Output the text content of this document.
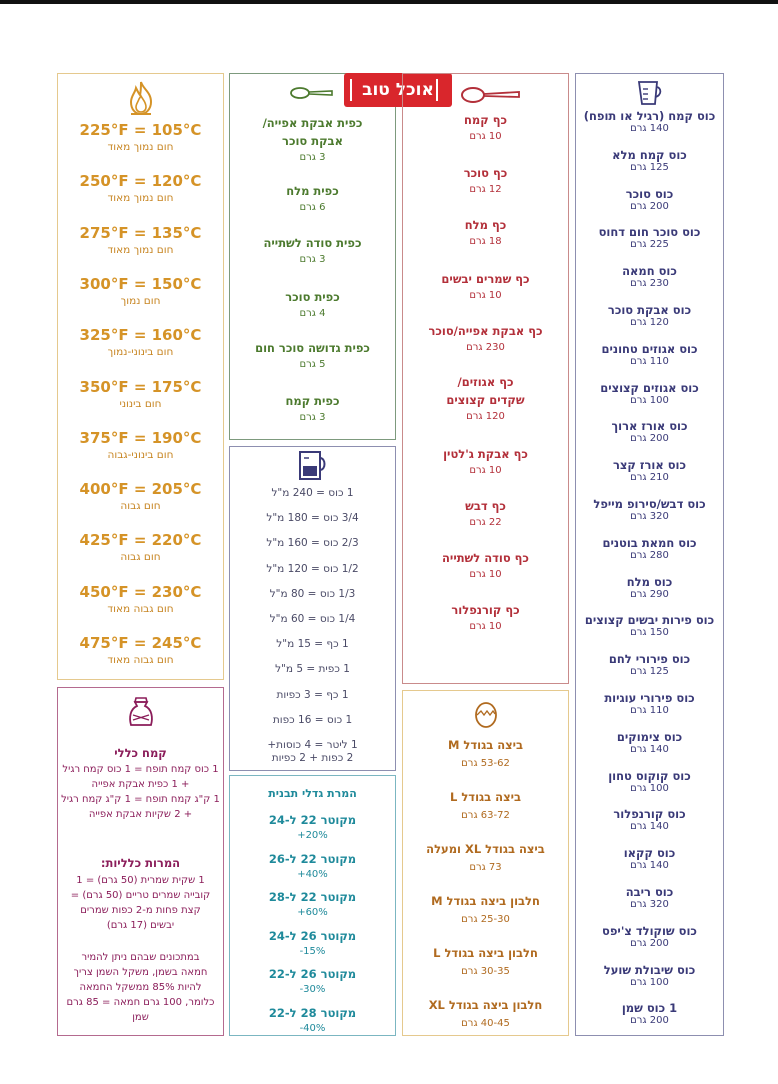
225°F = 105°C
חום נמוך מאוד
250°F = 120°C
חום נמוך מאוד
275°F = 135°C
חום נמוך מאוד
300°F = 150°C
חום נמוך
325°F = 160°C
חום בינוני-נמוך
350°F = 175°C
חום בינוני
375°F = 190°C
חום בינוני-גבוה
400°F = 205°C
חום גבוה
425°F = 220°C
חום גבוה
450°F = 230°C
חום גבוה מאוד
475°F = 245°C
חום גבוה מאוד
קמח כללי
1 כוס קמח תופח = 1 כוס קמח רגיל
+ 1 כפית אבקת אפייה
1 ק"ג קמח תופח = 1 ק"ג קמח רגיל
+ 2 שקיות אבקת אפייה
המרות כלליות:
1 שקית שמרית (50 גרם) = 1
קובייה שמרים טריים (50 גרם) =
קצת פחות מ-2 כפות שמרים
יבשים (17 גרם)
במתכונים שבהם ניתן להמיר
חמאה בשמן, משקל השמן צריך
להיות 85% ממשקל החמאה
כלומר, 100 גרם חמאה = 85 גרם
שמן
כפית אבקת אפייה/
אבקת סוכר
3 גרם
כפית מלח
6 גרם
כפית סודה לשתייה
3 גרם
כפית סוכר
4 גרם
כפית גדושה סוכר חום
5 גרם
כפית קמח
3 גרם
1 כוס = 240 מ"ל
3/4 כוס = 180 מ"ל
2/3 כוס = 160 מ"ל
1/2 כוס = 120 מ"ל
1/3 כוס = 80 מ"ל
1/4 כוס = 60 מ"ל
1 כף = 15 מ"ל
1 כפית = 5 מ"ל
1 כף = 3 כפיות
1 כוס = 16 כפות
1 ליטר = 4 כוסות+
2 כפות + 2 כפיות
המרת גדלי תבנית
מקוטר 22 ל-24
+20%
מקוטר 22 ל-26
+40%
מקוטר 22 ל-28
+60%
מקוטר 26 ל-24
-15%
מקוטר 26 ל-22
-30%
מקוטר 28 ל-22
-40%
אוכל טוב
כף קמח
10 גרם
כף סוכר
12 גרם
כף מלח
18 גרם
כף שמרים יבשים
10 גרם
כף אבקת אפייה/סוכר
230 גרם
כף אגוזים/
שקדים קצוצים
120 גרם
כף אבקת ג'לטין
10 גרם
כף דבש
22 גרם
כף סודה לשתייה
10 גרם
כף קורנפלור
10 גרם
ביצה בגודל M
53-62 גרם
ביצה בגודל L
63-72 גרם
ביצה בגודל XL ומעלה
73 גרם
חלבון ביצה בגודל M
25-30 גרם
חלבון ביצה בגודל L
30-35 גרם
חלבון ביצה בגודל XL
40-45 גרם
כוס קמח (רגיל או תופח)
140 גרם
כוס קמח מלא
125 גרם
כוס סוכר
200 גרם
כוס סוכר חום דחוס
225 גרם
כוס חמאה
230 גרם
כוס אבקת סוכר
120 גרם
כוס אגוזים טחונים
110 גרם
כוס אגוזים קצוצים
100 גרם
כוס אורז ארוך
200 גרם
כוס אורז קצר
210 גרם
כוס דבש/סירופ מייפל
320 גרם
כוס חמאת בוטנים
280 גרם
כוס מלח
290 גרם
כוס פירות יבשים קצוצים
150 גרם
כוס פירורי לחם
125 גרם
כוס פירורי עוגיות
110 גרם
כוס צימוקים
140 גרם
כוס קוקוס טחון
100 גרם
כוס קורנפלור
140 גרם
כוס קקאו
140 גרם
כוס ריבה
320 גרם
כוס שוקולד צ'יפס
200 גרם
כוס שיבולת שועל
100 גרם
1 כוס שמן
200 גרם
